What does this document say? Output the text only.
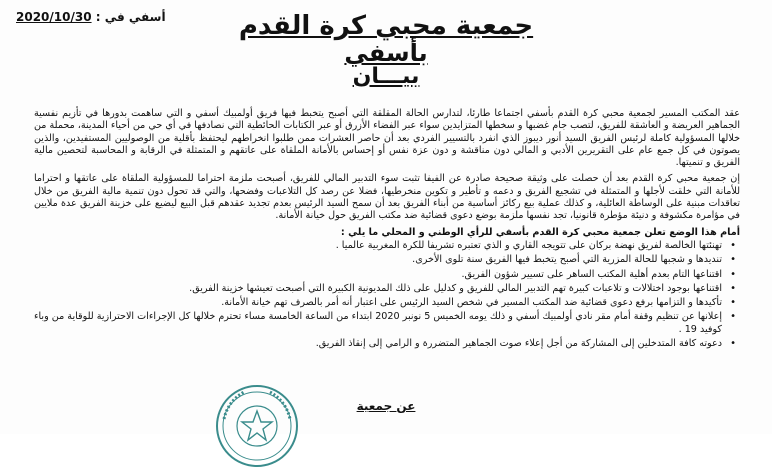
أسفي في : 2020/10/30	جمعية محبي كرة القدم
بأسفي
بيـــان

عقد المكتب المسير لجمعية محبي كرة القدم بأسفي اجتماعا طارئا، لتدارس الحالة المقلقة التي أصبح يتخبط فيها فريق أولمبيك أسفي و التي ساهمت بدورها في تأزيم نفسية الجماهير العريضة و العاشقة للفريق، لتصب جام غضبها و سخطها المتزايدين سواء عبر الفضاء الأزرق أو عبر الكتابات الحائطية التي نصادفها في أي حي من أحياء المدينة، محملة من خلالها المسؤولية كاملة لرئيس الفريق السيد أنور ديبوز الذي انفرد بالتسيير الفردي بعد أن حاصر العشرات ممن طلبوا انخراطهم ليحتفظ بأقلية من الوصوليين المستفيدين، والذين يصوتون في كل جمع عام على التقريرين الأدبي و المالي دون مناقشة و دون عزة نفس أو إحساس بالأمانة الملقاة على عاتقهم و المتمثلة في الرقابة و المحاسبة لتحصين مالية الفريق و تنميتها.

إن جمعية محبي كرة القدم بعد أن حصلت على وثيقة صحيحة صادرة عن الفيفا تثبت سوء التدبير المالي للفريق، أصبحت ملزمة احتراما للمسؤولية الملقاة على عاتقها و احتراما للأمانة التي خلقت لأجلها و المتمثلة في تشجيع الفريق و دعمه و تأطير و تكوين منخرطيها، فضلا عن رصد كل التلاعبات وفضحها، والتي قد تحول دون تنمية مالية الفريق من خلال تعاقدات مبنية على الوساطة العائلية، و كذلك عملية بيع ركائز أساسية من أبناء الفريق بعد أن سمح السيد الرئيس بعدم تجديد عقدهم قبل البيع ليضيع على خزينة الفريق عدة ملايين في مؤامرة مكشوفة و دنيئة مؤطرة قانونيا، تجد نفسها ملزمة بوضع دعوى قضائية ضد مكتب الفريق حول خيانة الأمانة.

أمام هذا الوضع تعلن جمعية محبي كرة القدم بأسفي للرأي الوطني و المحلي ما يلي :

• تهنئتها الخالصة لفريق نهضة بركان على تتويجه القاري و الذي تعتبره تشريفا للكرة المغربية عالميا .
• تنديدها و شجبها للحالة المزرية التي أصبح يتخبط فيها الفريق سنة تلوى الأخرى.
• اقتناعها التام بعدم أهلية المكتب الساهر على تسيير شؤون الفريق.
• اقتناعها بوجود اختلالات و تلاعبات كبيرة تهم التدبير المالي للفريق و كدليل على ذلك المديونية الكبيرة التي أصبحت تعيشها خزينة الفريق.
• تأكيدها و التزامها برفع دعوى قضائية ضد المكتب المسير في شخص السيد الرئيس على اعتبار أنه أمر بالصرف تهم خيانة الأمانة.
• إعلانها عن تنظيم وقفة أمام مقر نادي أولمبيك أسفي و ذلك يومه الخميس 5 نونبر 2020 ابتداء من الساعة الخامسة مساء تحترم خلالها كل الإجراءات الاحترازية للوقاية من وباء كوفيد 19 .
• دعوته كافة المتدخلين إلى المشاركة من أجل إعلاء صوت الجماهير المتضررة و الرامي إلى إنقاذ الفريق.
عن جمعية
